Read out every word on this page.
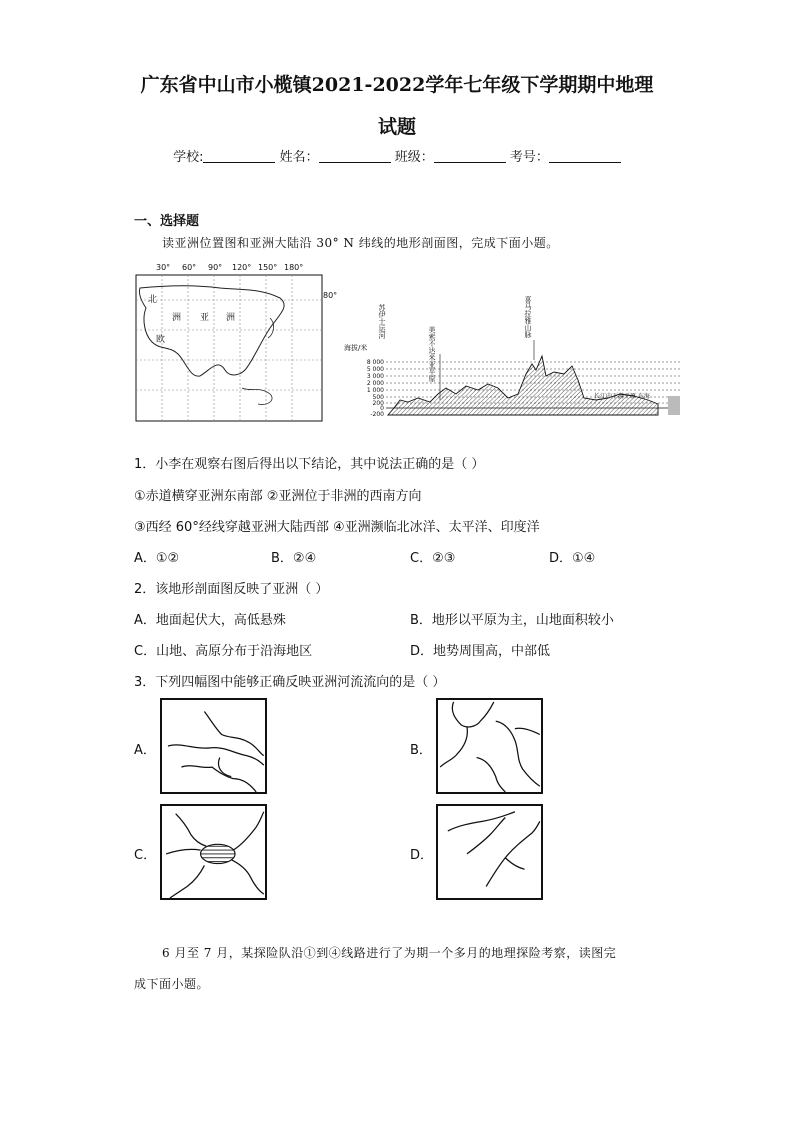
广东省中山市小榄镇2021-2022学年七年级下学期期中地理
试题
学校:	姓名：	班级：	考号：
一、选择题
读亚洲位置图和亚洲大陆沿 30° N 纬线的地形剖面图，完成下面小题。
30° 60° 90° 120° 150° 180°
80°
北
亚 洲
欧
洲
海拔/米
8 000
5 000
3 000
2 000
1 000
500
200
0
-200
苏伊士运河
美索不达米亚平原
喜马拉雅山脉
长江中下游平原 东海
1．小李在观察右图后得出以下结论，其中说法正确的是（ ）
①赤道横穿亚洲东南部 ②亚洲位于非洲的西南方向
③西经 60°经线穿越亚洲大陆西部 ④亚洲濒临北冰洋、太平洋、印度洋
A．①②	B．②④	C．②③	D．①④
2．该地形剖面图反映了亚洲（ ）
A．地面起伏大，高低悬殊	B．地形以平原为主，山地面积较小
C．山地、高原分布于沿海地区	D．地势周围高，中部低
3．下列四幅图中能够正确反映亚洲河流流向的是（ ）
A．	B．
C．	D．
6 月至 7 月，某探险队沿①到④线路进行了为期一个多月的地理探险考察，读图完
成下面小题。
